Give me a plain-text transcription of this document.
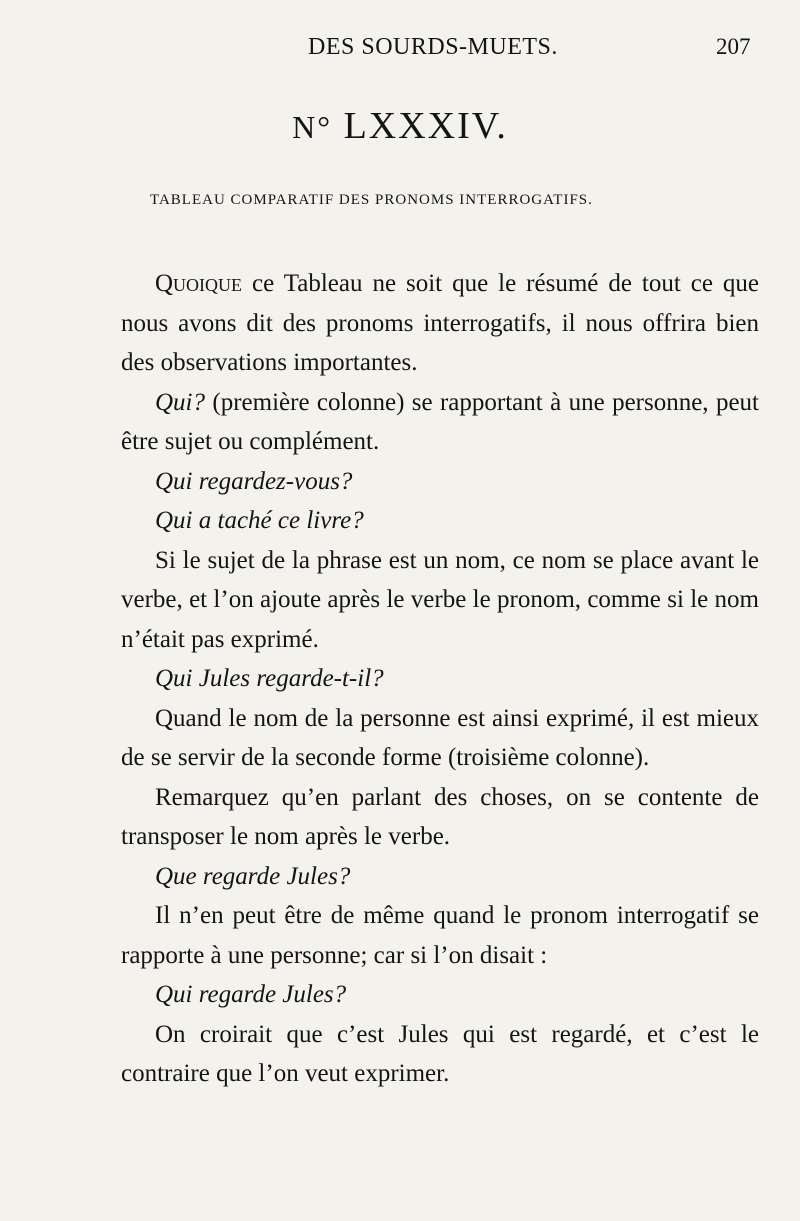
DES SOURDS-MUETS.	207
N° LXXXIV.
TABLEAU COMPARATIF DES PRONOMS INTERROGATIFS.

Quoique ce Tableau ne soit que le résumé de tout ce que nous avons dit des pronoms interrogatifs, il nous offrira bien des observations importantes.

Qui? (première colonne) se rapportant à une personne, peut être sujet ou complément.

Qui regardez-vous?

Qui a taché ce livre?

Si le sujet de la phrase est un nom, ce nom se place avant le verbe, et l’on ajoute après le verbe le pronom, comme si le nom n’était pas exprimé.

Qui Jules regarde-t-il?

Quand le nom de la personne est ainsi exprimé, il est mieux de se servir de la seconde forme (troisième colonne).

Remarquez qu’en parlant des choses, on se contente de transposer le nom après le verbe.

Que regarde Jules?

Il n’en peut être de même quand le pronom interrogatif se rapporte à une personne; car si l’on disait :

Qui regarde Jules?

On croirait que c’est Jules qui est regardé, et c’est le contraire que l’on veut exprimer.
